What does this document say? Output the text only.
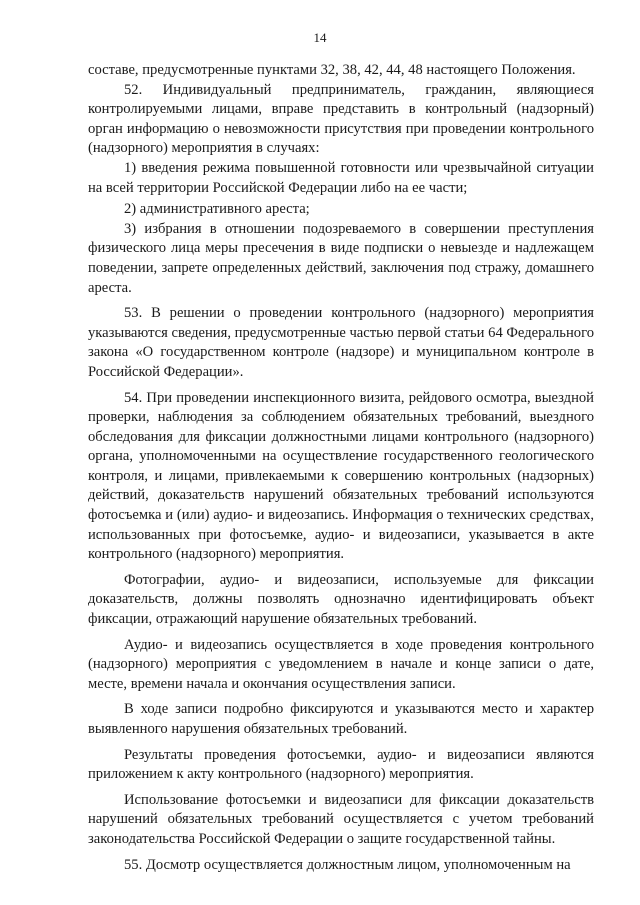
14

составе, предусмотренные пунктами 32, 38, 42, 44, 48 настоящего Положения.

52. Индивидуальный предприниматель, гражданин, являющиеся контролируемыми лицами, вправе представить в контрольный (надзорный) орган информацию о невозможности присутствия при проведении контрольного (надзорного) мероприятия в случаях:

1) введения режима повышенной готовности или чрезвычайной ситуации на всей территории Российской Федерации либо на ее части;

2) административного ареста;

3) избрания в отношении подозреваемого в совершении преступления физического лица меры пресечения в виде подписки о невыезде и надлежащем поведении, запрете определенных действий, заключения под стражу, домашнего ареста.

53. В решении о проведении контрольного (надзорного) мероприятия указываются сведения, предусмотренные частью первой статьи 64 Федерального закона «О государственном контроле (надзоре) и муниципальном контроле в Российской Федерации».

54. При проведении инспекционного визита, рейдового осмотра, выездной проверки, наблюдения за соблюдением обязательных требований, выездного обследования для фиксации должностными лицами контрольного (надзорного) органа, уполномоченными на осуществление государственного геологического контроля, и лицами, привлекаемыми к совершению контрольных (надзорных) действий, доказательств нарушений обязательных требований используются фотосъемка и (или) аудио- и видеозапись. Информация о технических средствах, использованных при фотосъемке, аудио- и видеозаписи, указывается в акте контрольного (надзорного) мероприятия.

Фотографии, аудио- и видеозаписи, используемые для фиксации доказательств, должны позволять однозначно идентифицировать объект фиксации, отражающий нарушение обязательных требований.

Аудио- и видеозапись осуществляется в ходе проведения контрольного (надзорного) мероприятия с уведомлением в начале и конце записи о дате, месте, времени начала и окончания осуществления записи.

В ходе записи подробно фиксируются и указываются место и характер выявленного нарушения обязательных требований.

Результаты проведения фотосъемки, аудио- и видеозаписи являются приложением к акту контрольного (надзорного) мероприятия.

Использование фотосъемки и видеозаписи для фиксации доказательств нарушений обязательных требований осуществляется с учетом требований законодательства Российской Федерации о защите государственной тайны.

55. Досмотр осуществляется должностным лицом, уполномоченным на
